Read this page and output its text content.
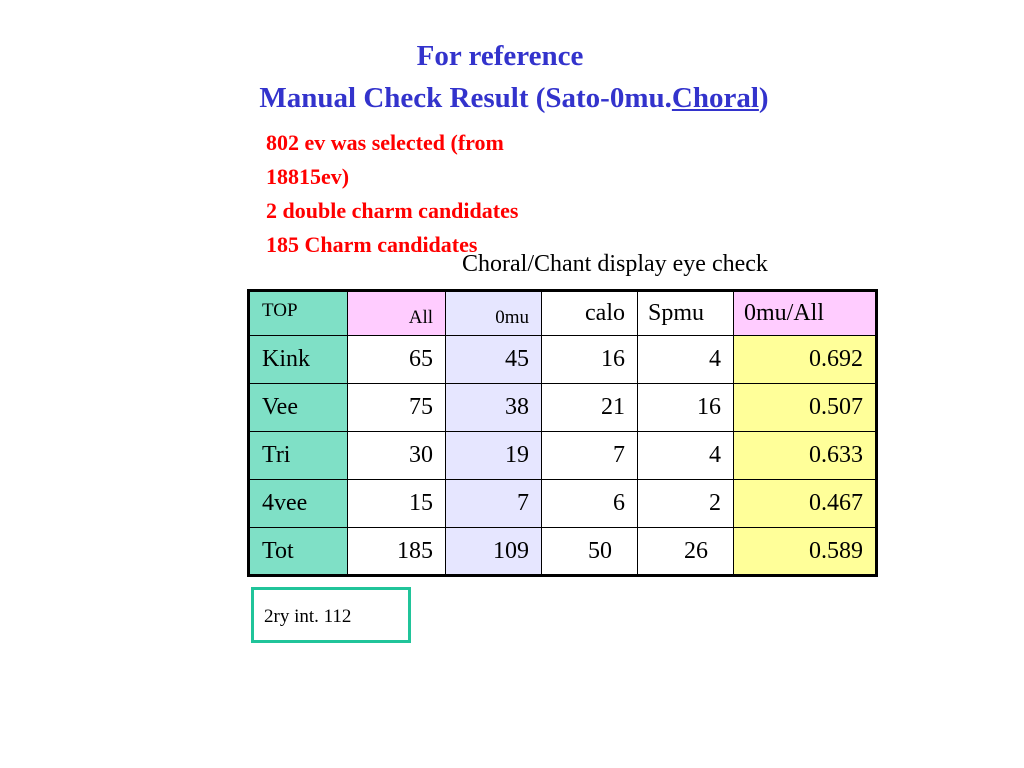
For reference
Manual Check Result (Sato-0mu.Choral)
802 ev was selected (from
18815ev)
2 double charm candidates
185 Charm candidates
Choral/Chant display eye check
TOP	All	0mu	calo	Spmu	0mu/All
Kink	65	45	16	4	0.692
Vee	75	38	21	16	0.507
Tri	30	19	7	4	0.633
4vee	15	7	6	2	0.467
Tot	185	109	50	26	0.589
2ry int. 112
